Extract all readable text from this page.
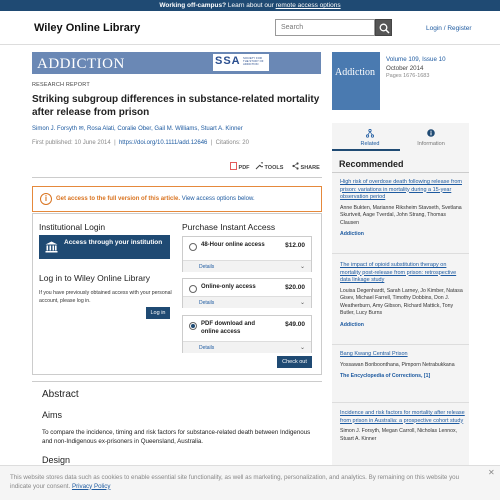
Working off-campus? Learn about our remote access options
Wiley Online Library	Search	Login / Register
ADDICTION	SSA SOCIETY FOR THE STUDY OF ADDICTION
RESEARCH REPORT
Striking subgroup differences in substance-related mortality after release from prison
Simon J. Forsyth ✉, Rosa Alati, Coralie Ober, Gail M. Williams, Stuart A. Kinner
First published: 10 June 2014  |  https://doi.org/10.1111/add.12646  |  Citations: 20
PDF	TOOLS	SHARE
i	Get access to the full version of this article. View access options below.
Institutional Login
Access through your institution
Log in to Wiley Online Library
If you have previously obtained access with your personal account, please log in.
Log in
Purchase Instant Access
48-Hour online access	$12.00
Details	⌄
Online-only access	$20.00
Details	⌄
PDF download and online access
$49.00
Details	⌄
Check out
Abstract
Aims
To compare the incidence, timing and risk factors for substance-related death between Indigenous and non-Indigenous ex-prisoners in Queensland, Australia.
Design
Addiction
Volume 109, Issue 10
October 2014
Pages 1676-1683
Related	Information
Recommended
High risk of overdose death following release from prison: variations in mortality during a 15-year observation period
Anne Bukten, Marianne Riksheim Stavseth, Svetlana Skurtveit, Aage Tverdal, John Strang, Thomas Clausen
Addiction
The impact of opioid substitution therapy on mortality post-release from prison: retrospective data linkage study
Louisa Degenhardt, Sarah Larney, Jo Kimber, Natasa Gisev, Michael Farrell, Timothy Dobbins, Don J. Weatherburn, Amy Gibson, Richard Mattick, Tony Butler, Lucy Burns
Addiction
Bang Kwang Central Prison
Yossawan Boriboonthana, Pimporn Netrabukkana
The Encyclopedia of Corrections, [1]
Incidence and risk factors for mortality after release from prison in Australia: a prospective cohort study
Simon J. Forsyth, Megan Carroll, Nicholas Lennox, Stuart A. Kinner
✕
This website stores data such as cookies to enable essential site functionality, as well as marketing, personalization, and analytics. By remaining on this website you indicate your consent. Privacy Policy
